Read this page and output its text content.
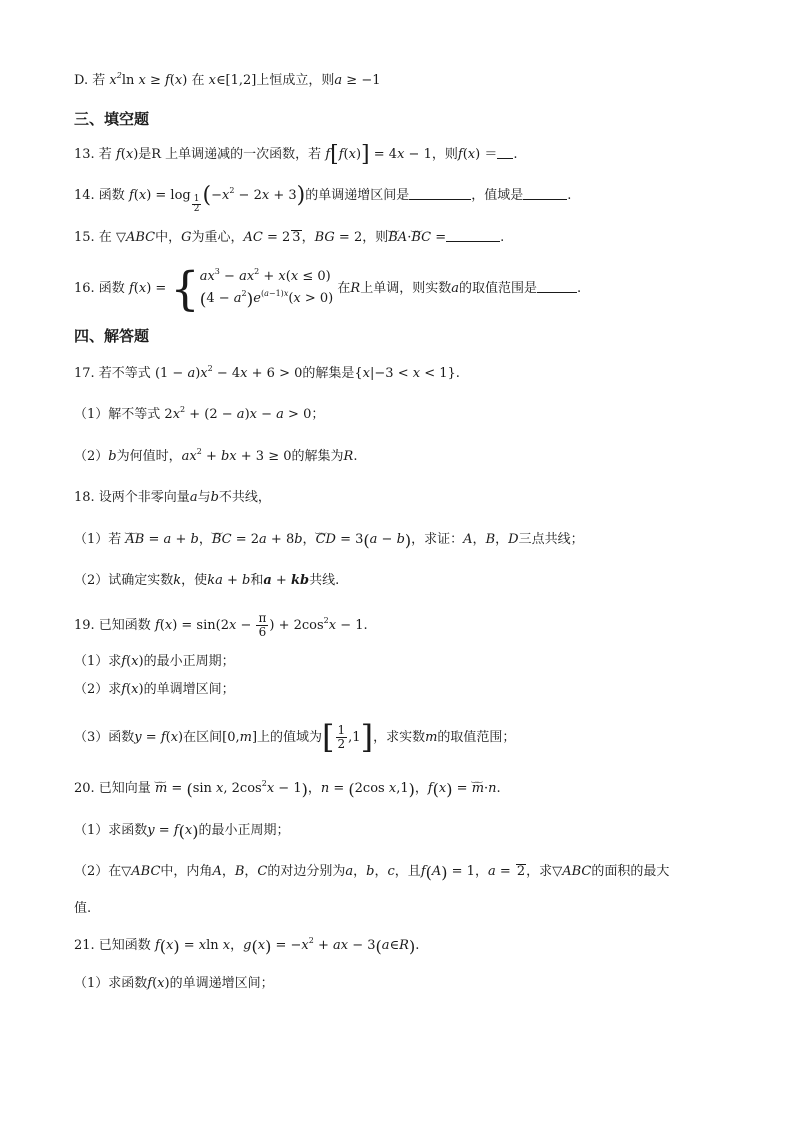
D. 若 $x^2\ln$ x ≥ f(x) 在 x∈[1,2]上恒成立，则a ≥ −1
三、填空题
13. 若 f(x)是R 上单调递减的一次函数，若 f[f(x)] = 4x − 1，则f(x) ＝ .
14. 函数 $f(x) = \log \frac{1}{2} (-x^2 - 2x + 3)$的单调递增区间是	，值域是	.
15. 在 ▽ABC中，G为重心，AC = 2 3，BG = 2，则‿‿ BA·‿‿ BC =	.
16. 函数 f(x) = { $ax^3 - ax^2 + x(x \le 0)$
$(4 - a^2)e^{(a-1)x}(x > 0)$
在R上单调，则实数a的取值范围是	.
四、解答题
17. 若不等式 $(1 - a)x^2 - 4x + 6 > 0$的解集是{x|−3 < x < 1}.
（1）解不等式 $2x^2 + (2 - a)x - a > 0$；
（2）b为何值时，$ax^2$ + bx + 3 ≥ 0的解集为R.
18. 设两个非零向量a与b不共线，
（1）若 ‿‿ AB = a + b，‿‿ BC = 2a + 8b，‿‿ CD = 3(a − b)，求证：A，B，D三点共线；
（2）试确定实数k，使ka + b和a + kb共线.
19. 已知函数 $f(x) = \sin(2x - \frac{\pi}{6}$ ) + $2\cos^2x - 1$.
（1）求f(x)的最小正周期；
（2）求f(x)的单调增区间；
（3）函数y = f(x)在区间[0,m]上的值域为[ $\frac{1}{2} ,1$]，求实数m的取值范围；
20. 已知向量 ‿‿ m = (sin x, $2\cos^2x - 1$)，n = (2cos x,1)，f(x) = ‿‿ m·n.
（1）求函数y = f(x)的最小正周期；
（2）在▽ABC中，内角A，B，C的对边分别为a，b，c，且f(A) = 1，a = 2，求▽ABC的面积的最大
值.
21. 已知函数 f(x) = xln x，$g(x) = -x^2$ + ax − 3(a∈R).
（1）求函数f(x)的单调递增区间；
